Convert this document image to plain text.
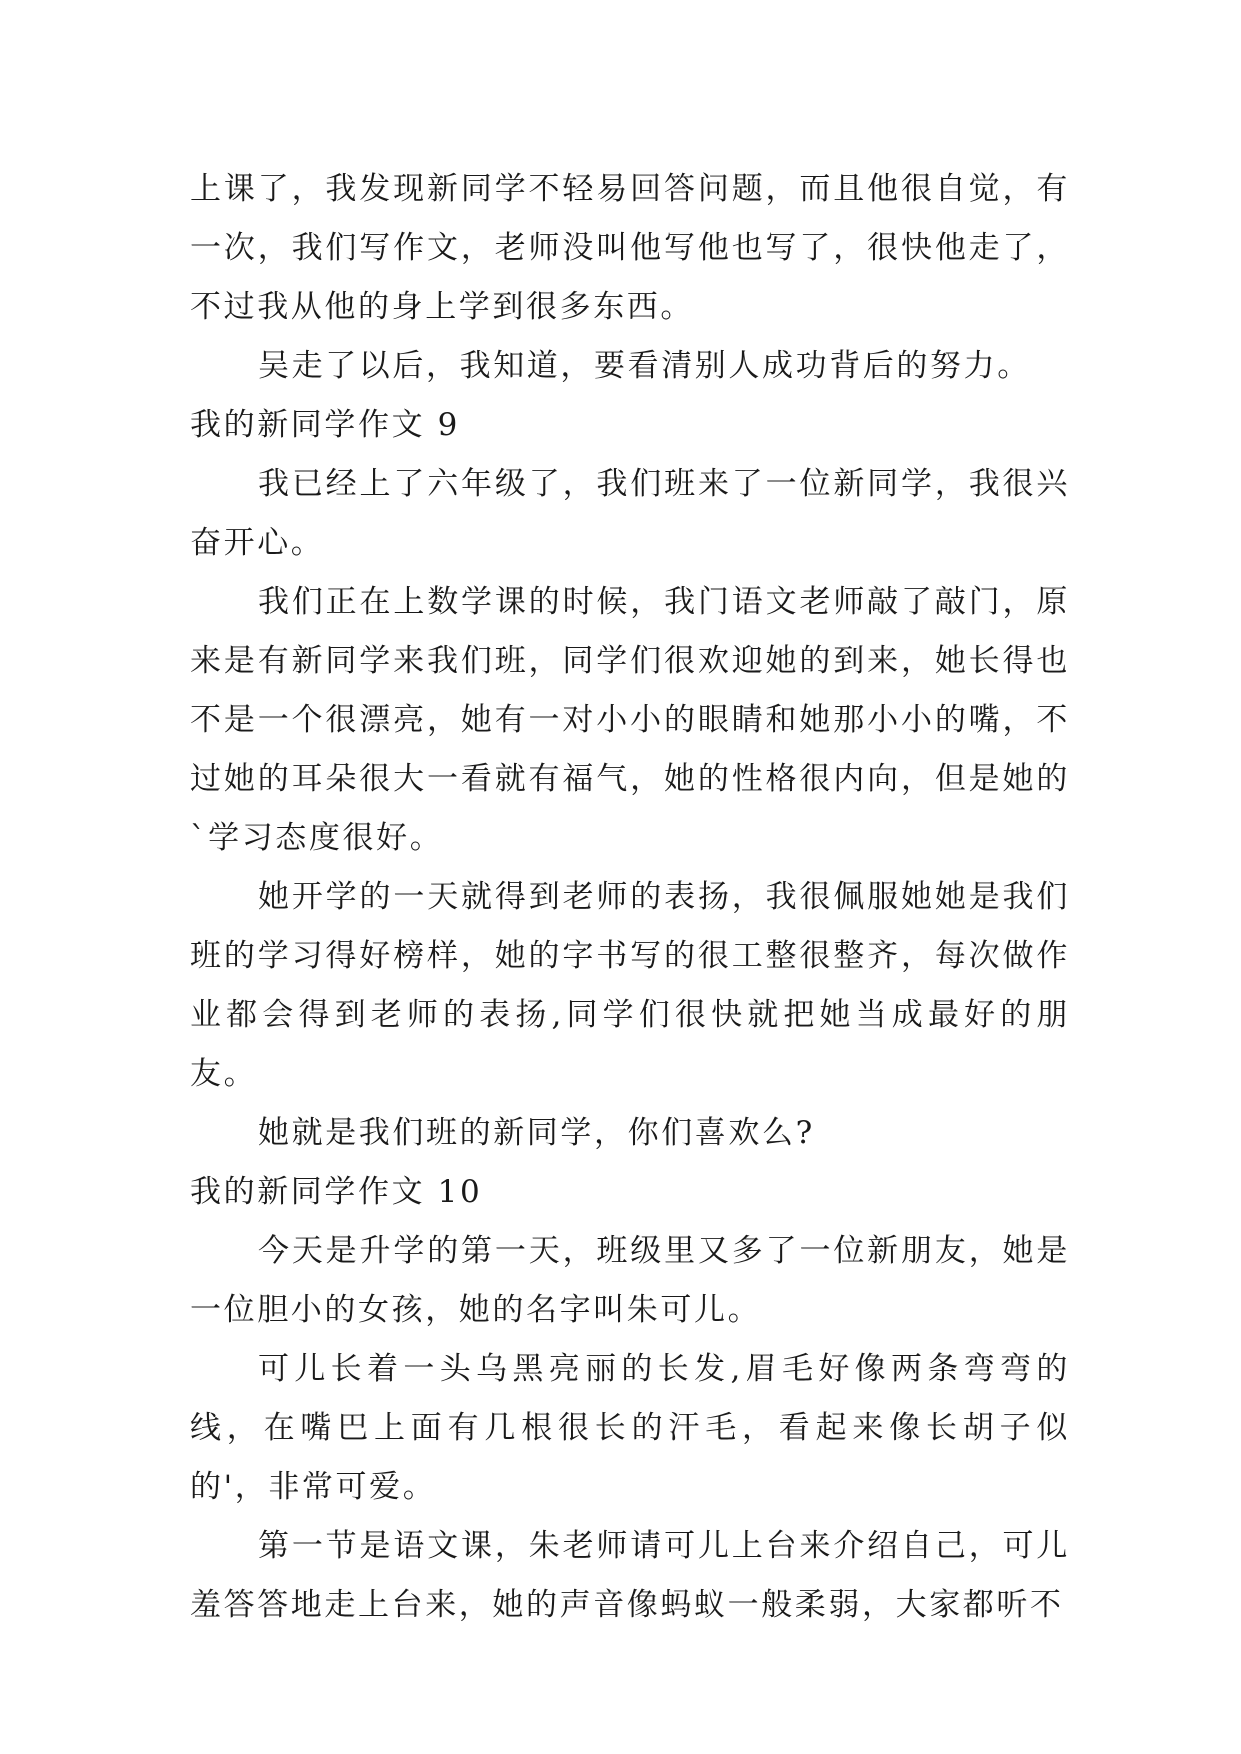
上课了，我发现新同学不轻易回答问题，而且他很自觉，有一次，我们写作文，老师没叫他写他也写了，很快他走了，不过我从他的身上学到很多东西。

吴走了以后，我知道，要看清别人成功背后的努力。

我的新同学作文 9

我已经上了六年级了，我们班来了一位新同学，我很兴奋开心。

我们正在上数学课的时候，我门语文老师敲了敲门，原来是有新同学来我们班，同学们很欢迎她的到来，她长得也不是一个很漂亮，她有一对小小的眼睛和她那小小的嘴，不过她的耳朵很大一看就有福气，她的性格很内向，但是她的`学习态度很好。

她开学的一天就得到老师的表扬，我很佩服她她是我们班的学习得好榜样，她的字书写的很工整很整齐，每次做作业都会得到老师的表扬,同学们很快就把她当成最好的朋友。

她就是我们班的新同学，你们喜欢么?

我的新同学作文 10

今天是升学的第一天，班级里又多了一位新朋友，她是一位胆小的女孩，她的名字叫朱可儿。

可儿长着一头乌黑亮丽的长发,眉毛好像两条弯弯的线，在嘴巴上面有几根很长的汗毛，看起来像长胡子似的'，非常可爱。

第一节是语文课，朱老师请可儿上台来介绍自己，可儿羞答答地走上台来，她的声音像蚂蚁一般柔弱，大家都听不
